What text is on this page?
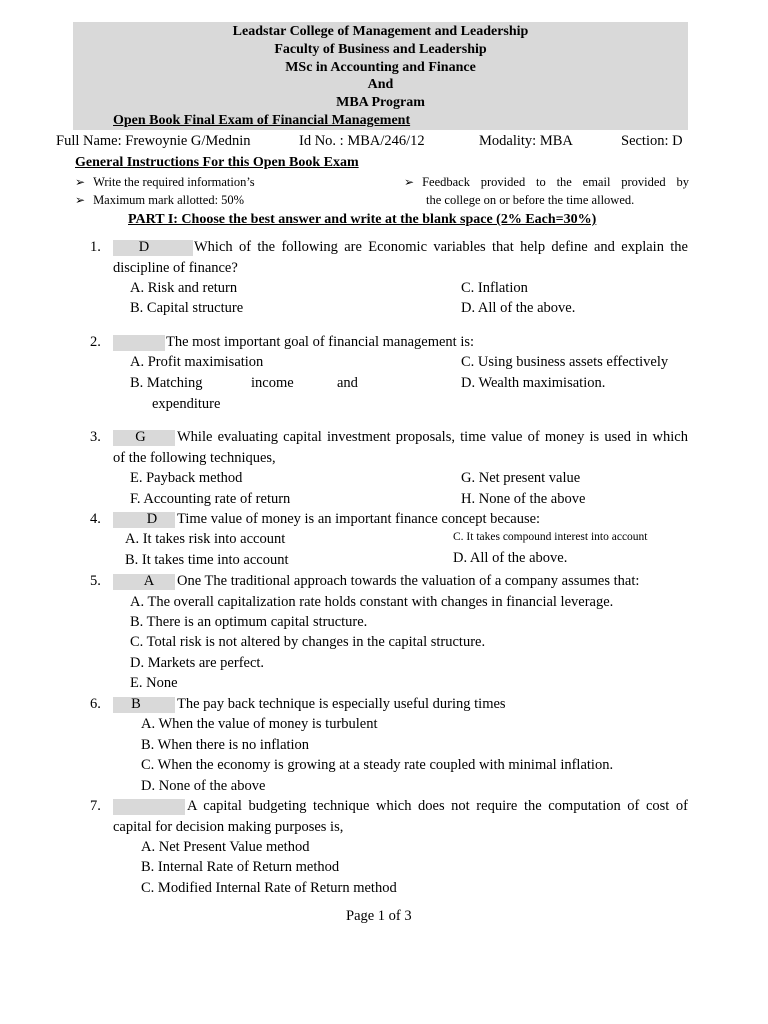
Leadstar College of Management and Leadership
Faculty of Business and Leadership
MSc in Accounting and Finance
And
MBA Program
Open Book Final Exam of Financial Management
Full Name: Frewoynie G/Mednin	Id No. : MBA/246/12	Modality: MBA	Section: D
General Instructions For this Open Book Exam
➢ Write the required information’s
➢ Maximum mark allotted: 50%
➢ Feedback provided to the email provided by
the college on or before the time allowed.
PART I: Choose the best answer and write at the blank space (2% Each=30%)
1.	D	Which of the following are Economic variables that help define and explain the
discipline of finance?
A. Risk and return
B. Capital structure
C. Inflation
D. All of the above.
2.	The most important goal of financial management is:
A. Profit maximisation
B. Matching	income	and
expenditure
C. Using business assets effectively
D. Wealth maximisation.
3.	G	While evaluating capital investment proposals, time value of money is used in which
of the following techniques,
E. Payback method
F. Accounting rate of return
G. Net present value
H. None of the above
4.	D	Time value of money is an important finance concept because:
A. It takes risk into account
B. It takes time into account
C. It takes compound interest into account
D. All of the above.
5.	A	One The traditional approach towards the valuation of a company assumes that:
A. The overall capitalization rate holds constant with changes in financial leverage.
B. There is an optimum capital structure.
C. Total risk is not altered by changes in the capital structure.
D. Markets are perfect.
E. None
6.	B	The pay back technique is especially useful during times
A. When the value of money is turbulent
B. When there is no inflation
C. When the economy is growing at a steady rate coupled with minimal inflation.
D. None of the above
7.	A capital budgeting technique which does not require the computation of cost of
capital for decision making purposes is,
A. Net Present Value method
B. Internal Rate of Return method
C. Modified Internal Rate of Return method
Page 1 of 3
